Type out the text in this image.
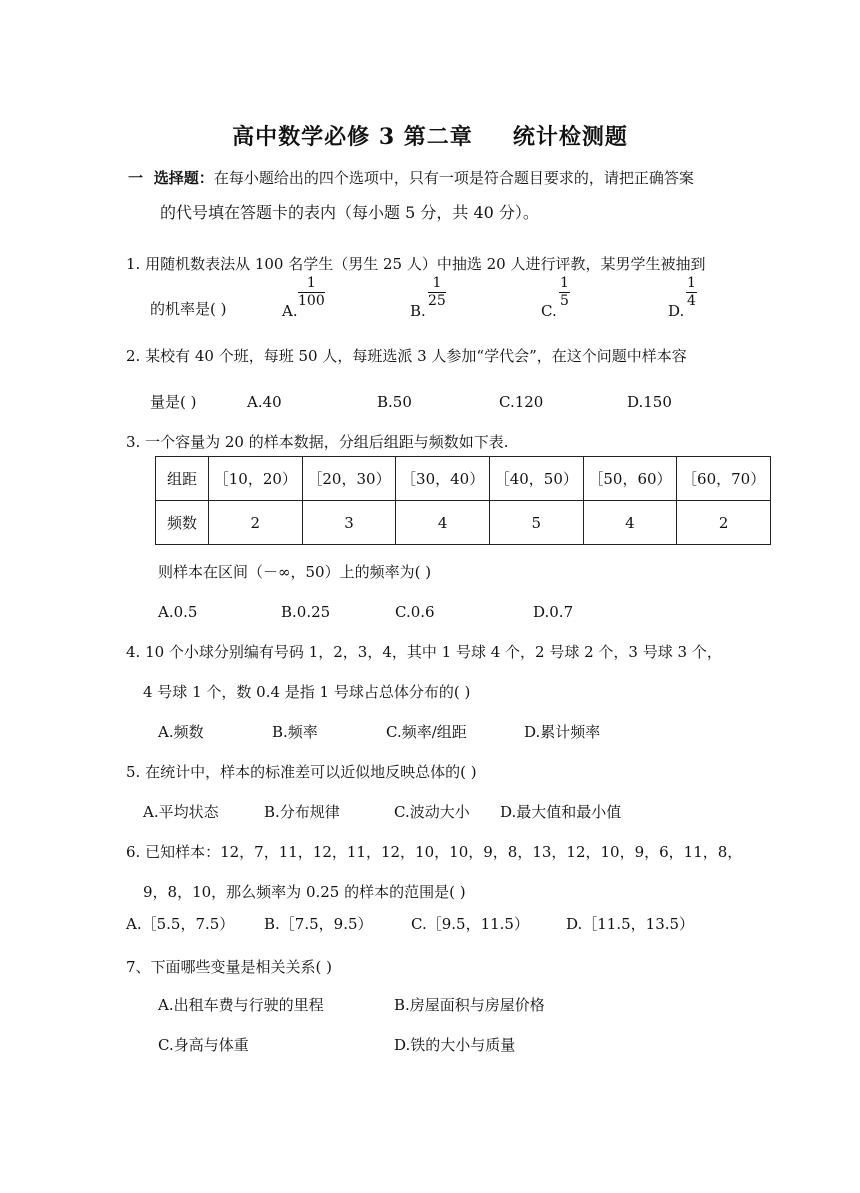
高中数学必修 3 第二章 统计检测题
一 选择题：在每小题给出的四个选项中，只有一项是符合题目要求的，请把正确答案
的代号填在答题卡的表内（每小题 5 分，共 40 分）。
1. 用随机数表法从 100 名学生（男生 25 人）中抽选 20 人进行评教，某男学生被抽到
的机率是( )	A.
$\frac{1}{100}$
B.
$\frac{1}{25}$
C.
$\frac{1}{5}$
D.
$\frac{1}{4}$
2. 某校有 40 个班，每班 50 人，每班选派 3 人参加“学代会”，在这个问题中样本容
量是( )	A.40	B.50	C.120	D.150
3. 一个容量为 20 的样本数据，分组后组距与频数如下表.
组距	［10，20）	［20，30）	［30，40）	［40，50）	［50，60）	［60，70）
频数	2	3	4	5	4	2
则样本在区间（－∞，50）上的频率为( )
A.0.5	B.0.25	C.0.6	D.0.7
4. 10 个小球分别编有号码 1，2，3，4，其中 1 号球 4 个，2 号球 2 个，3 号球 3 个，
4 号球 1 个，数 0.4 是指 1 号球占总体分布的( )
A.频数	B.频率	C.频率/组距	D.累计频率
5. 在统计中，样本的标准差可以近似地反映总体的( )
A.平均状态	B.分布规律	C.波动大小 D.最大值和最小值
6. 已知样本：12，7，11，12，11，12，10，10，9，8，13，12，10，9，6，11，8，
9，8，10，那么频率为 0.25 的样本的范围是( )
A.［5.5，7.5） B.［7.5，9.5）	C.［9.5，11.5） D.［11.5，13.5）
7、下面哪些变量是相关关系( )
A.出租车费与行驶的里程	B.房屋面积与房屋价格
C.身高与体重	D.铁的大小与质量
